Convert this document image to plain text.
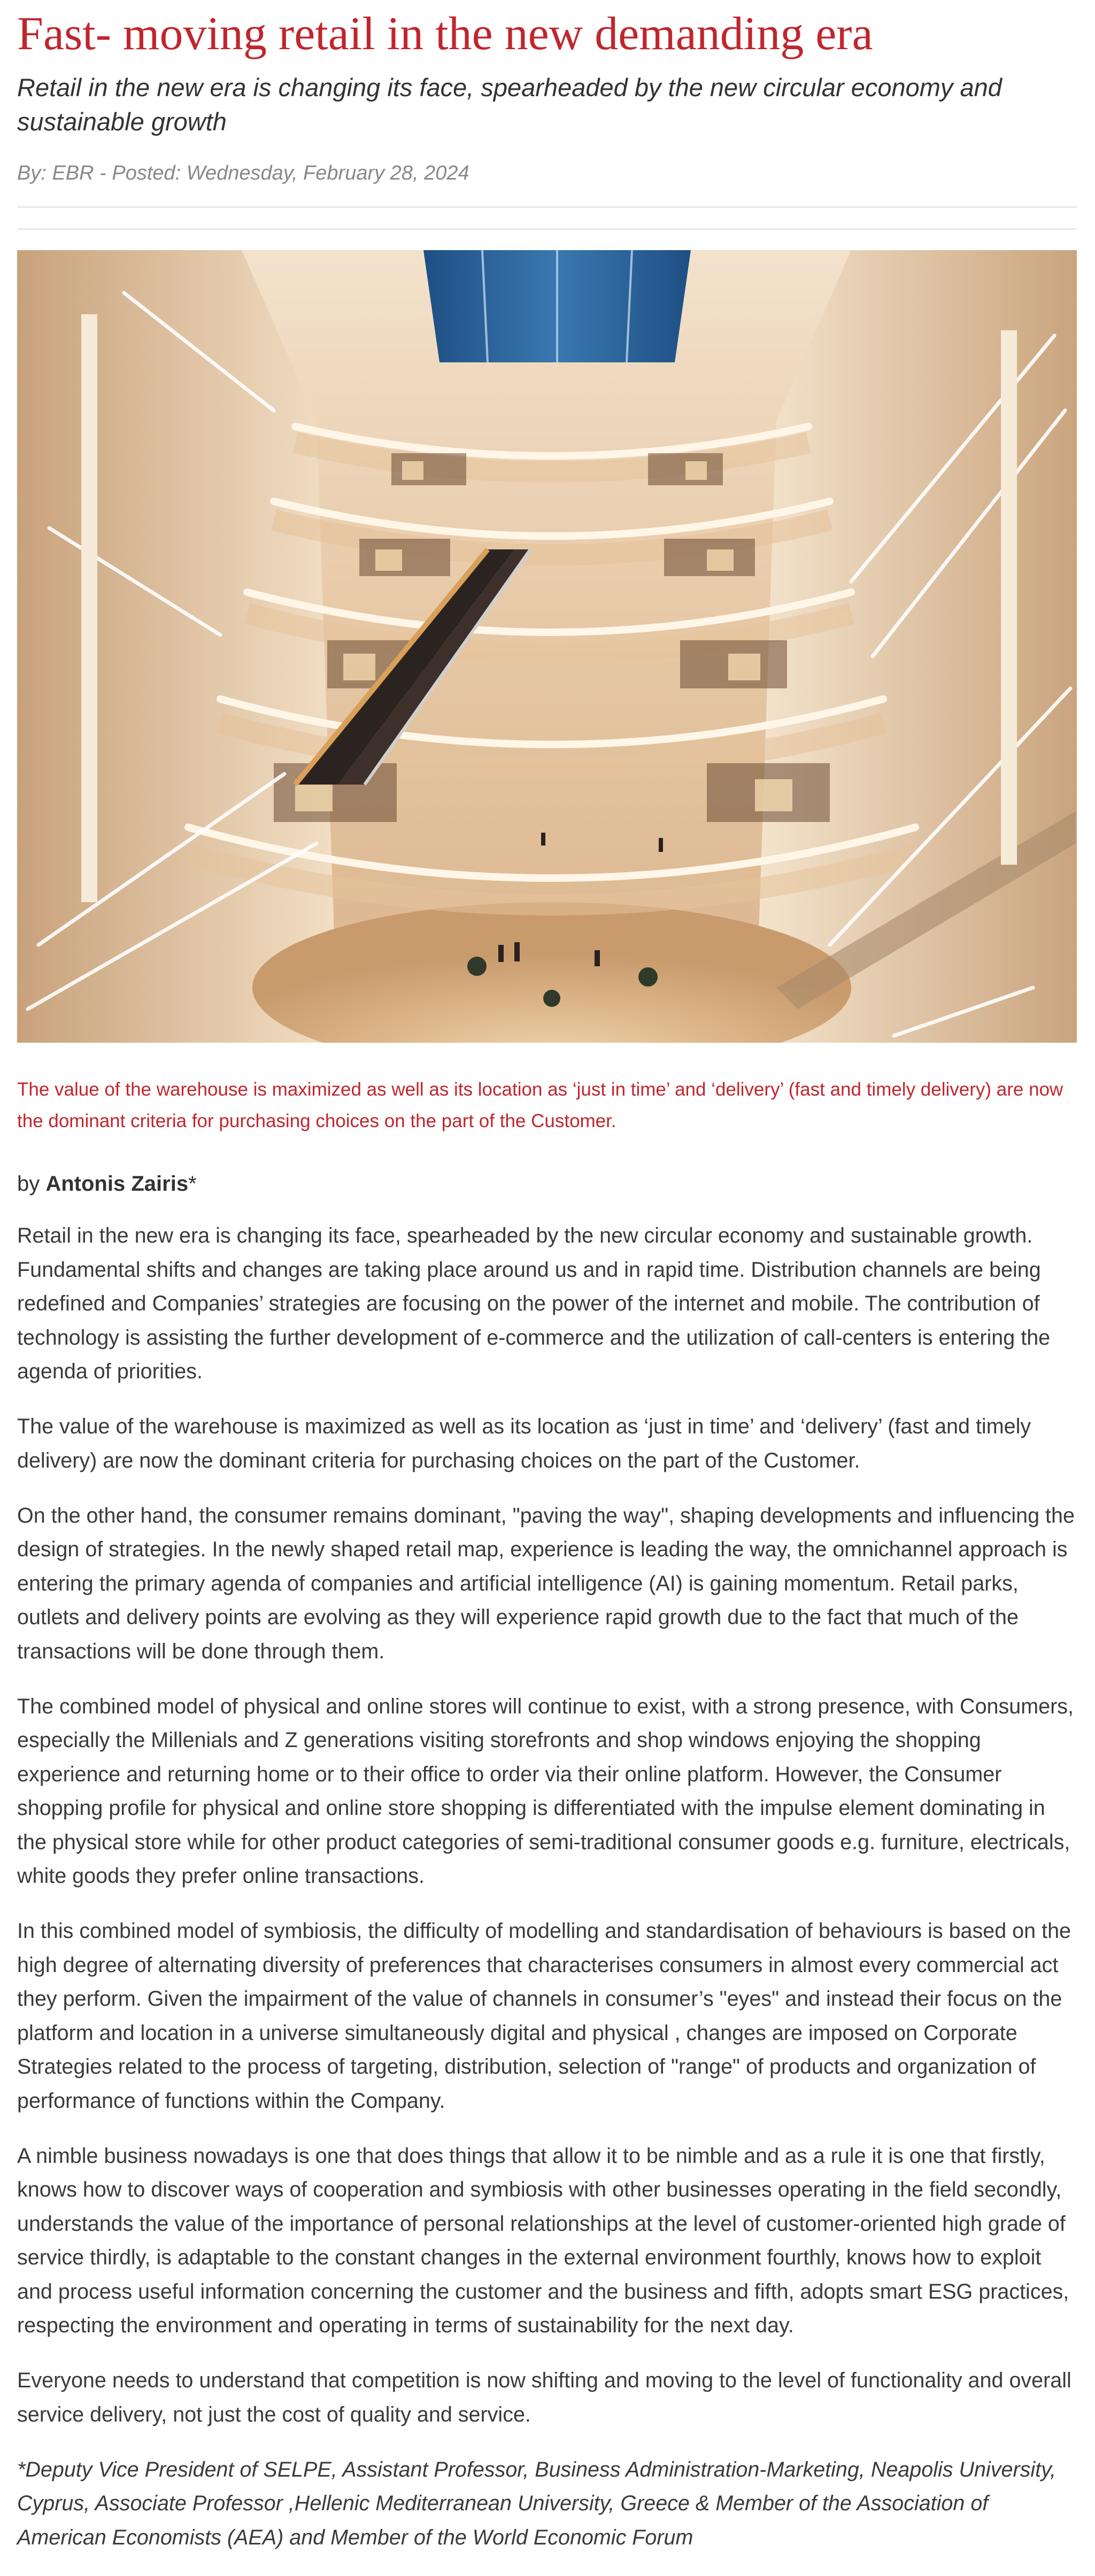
Fast- moving retail in the new demanding era

Retail in the new era is changing its face, spearheaded by the new circular economy and sustainable growth

By: EBR - Posted: Wednesday, February 28, 2024

The value of the warehouse is maximized as well as its location as ‘just in time’ and ‘delivery’ (fast and timely delivery) are now the dominant criteria for purchasing choices on the part of the Customer.

by Antonis Zairis*

Retail in the new era is changing its face, spearheaded by the new circular economy and sustainable growth. Fundamental shifts and changes are taking place around us and in rapid time. Distribution channels are being redefined and Companies’ strategies are focusing on the power of the internet and mobile. The contribution of technology is assisting the further development of e-commerce and the utilization of call-centers is entering the agenda of priorities.

The value of the warehouse is maximized as well as its location as ‘just in time’ and ‘delivery’ (fast and timely delivery) are now the dominant criteria for purchasing choices on the part of the Customer.

On the other hand, the consumer remains dominant, "paving the way", shaping developments and influencing the design of strategies. In the newly shaped retail map, experience is leading the way, the omnichannel approach is entering the primary agenda of companies and artificial intelligence (AI) is gaining momentum. Retail parks, outlets and delivery points are evolving as they will experience rapid growth due to the fact that much of the transactions will be done through them.

The combined model of physical and online stores will continue to exist, with a strong presence, with Consumers, especially the Millenials and Z generations visiting storefronts and shop windows enjoying the shopping experience and returning home or to their office to order via their online platform. However, the Consumer shopping profile for physical and online store shopping is differentiated with the impulse element dominating in the physical store while for other product categories of semi-traditional consumer goods e.g. furniture, electricals, white goods they prefer online transactions.

In this combined model of symbiosis, the difficulty of modelling and standardisation of behaviours is based on the high degree of alternating diversity of preferences that characterises consumers in almost every commercial act they perform. Given the impairment of the value of channels in consumer’s "eyes" and instead their focus on the platform and location in a universe simultaneously digital and physical , changes are imposed on Corporate Strategies related to the process of targeting, distribution, selection of "range" of products and organization of performance of functions within the Company.

A nimble business nowadays is one that does things that allow it to be nimble and as a rule it is one that firstly, knows how to discover ways of cooperation and symbiosis with other businesses operating in the field secondly, understands the value of the importance of personal relationships at the level of customer-oriented high grade of service thirdly, is adaptable to the constant changes in the external environment fourthly, knows how to exploit and process useful information concerning the customer and the business and fifth, adopts smart ESG practices, respecting the environment and operating in terms of sustainability for the next day.

Everyone needs to understand that competition is now shifting and moving to the level of functionality and overall service delivery, not just the cost of quality and service.

*Deputy Vice President of SELPE, Assistant Professor, Business Administration-Marketing, Neapolis University, Cyprus, Associate Professor ,Hellenic Mediterranean University, Greece & Member of the Association of American Economists (AEA) and Member of the World Economic Forum
